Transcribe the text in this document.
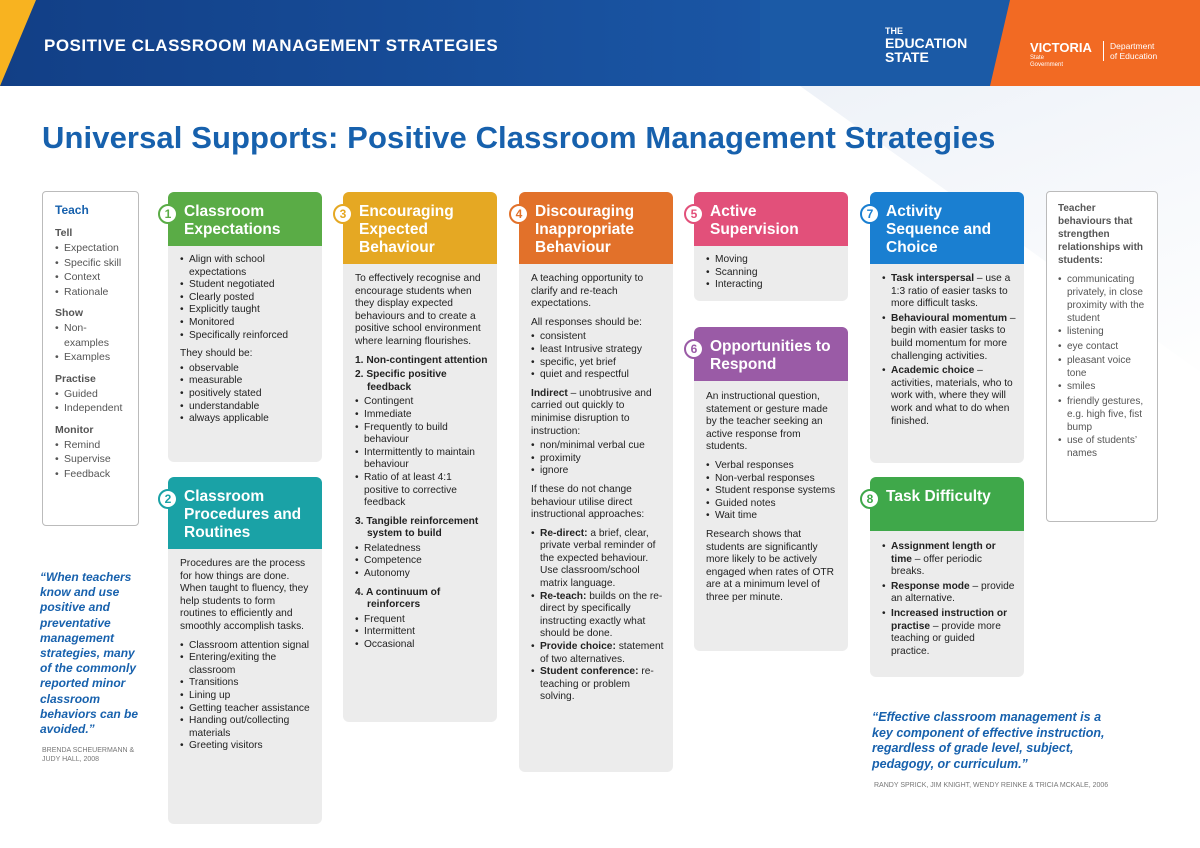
POSITIVE CLASSROOM MANAGEMENT STRATEGIES
THE
EDUCATION
STATE
VICTORIA
State
Government
Department
of Education
Universal Supports: Positive Classroom Management Strategies
Teach
Tell
• Expectation
• Specific skill
• Context
• Rationale
Show
• Non-examples
• Examples
Practise
• Guided
• Independent
Monitor
• Remind
• Supervise
• Feedback
“When teachers know and use positive and preventative management strategies, many of the commonly reported minor classroom behaviors can be avoided.”
BRENDA SCHEUERMANN & JUDY HALL, 2008
Classroom Expectations
• Align with school expectations
• Student negotiated
• Clearly posted
• Explicitly taught
• Monitored
• Specifically reinforced

They should be:

• observable
• measurable
• positively stated
• understandable
• always applicable
1
Classroom Procedures and Routines

Procedures are the process for how things are done. When taught to fluency, they help students to form routines to efficiently and smoothly accomplish tasks.

• Classroom attention signal
• Entering/exiting the classroom
• Transitions
• Lining up
• Getting teacher assistance
• Handing out/collecting materials
• Greeting visitors
2
Encouraging Expected Behaviour

To effectively recognise and encourage students when they display expected behaviours and to create a positive school environment where learning flourishes.

1. Non-contingent attention
2. Specific positive feedback
• Contingent
• Immediate
• Frequently to build behaviour
• Intermittently to maintain behaviour
• Ratio of at least 4:1 positive to corrective feedback
3. Tangible reinforcement system to build
• Relatedness
• Competence
• Autonomy
4. A continuum of reinforcers
• Frequent
• Intermittent
• Occasional
3	Discouraging Inappropriate Behaviour

A teaching opportunity to clarify and re-teach expectations.

All responses should be:

• consistent
• least Intrusive strategy
• specific, yet brief
• quiet and respectful

Indirect – unobtrusive and carried out quickly to minimise disruption to instruction:

• non/minimal verbal cue
• proximity
• ignore

If these do not change behaviour utilise direct instructional approaches:

• Re-direct: a brief, clear, private verbal reminder of the expected behaviour. Use classroom/school matrix language.
• Re-teach: builds on the re-direct by specifically instructing exactly what should be done.
• Provide choice: statement of two alternatives.
• Student conference: re-teaching or problem solving.
4	Active Supervision
• Moving
• Scanning
• Interacting
5
Opportunities to Respond

An instructional question, statement or gesture made by the teacher seeking an active response from students.

• Verbal responses
• Non-verbal responses
• Student response systems
• Guided notes
• Wait time

Research shows that students are significantly more likely to be actively engaged when rates of OTR are at a minimum level of three per minute.

6
Activity Sequence and Choice
• Task interspersal – use a 1:3 ratio of easier tasks to more difficult tasks.
• Behavioural momentum – begin with easier tasks to build momentum for more challenging activities.
• Academic choice – activities, materials, who to work with, where they will work and what to do when finished.
7
Task Difficulty
• Assignment length or time – offer periodic breaks.
• Response mode – provide an alternative.
• Increased instruction or practise – provide more teaching or guided practice.
8
Teacher behaviours that strengthen relationships with students:
• communicating privately, in close proximity with the student
• listening
• eye contact
• pleasant voice tone
• smiles
• friendly gestures, e.g. high five, fist bump
• use of students’ names
“Effective classroom management is a key component of effective instruction, regardless of grade level, subject, pedagogy, or curriculum.”
RANDY SPRICK, JIM KNIGHT, WENDY REINKE & TRICIA MCKALE, 2006
